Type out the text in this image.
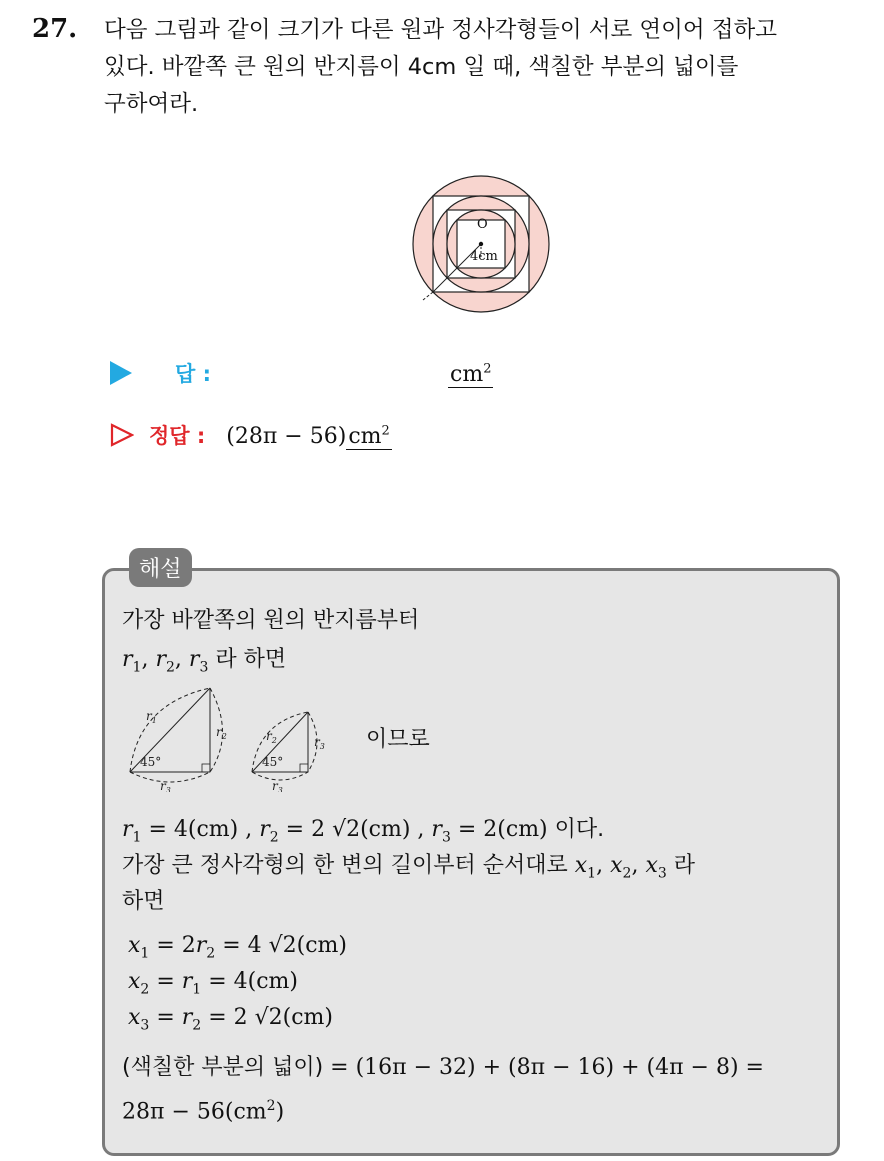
27. 다음 그림과 같이 크기가 다른 원과 정사각형들이 서로 연이어 접하고
있다. 바깥쪽 큰 원의 반지름이 4cm 일 때, 색칠한 부분의 넓이를
구하여라.
O
4cm
답 :	$cm^2$
정답 : $(28\pi - 56)cm^2$
해설
가장 바깥쪽의 원의 반지름부터
$r_1$, $r_2$, $r_3$ 라 하면
45°	45°
$r_1$
$r_2$
$r_3$
$r_2$	$r_3$
$r_3$
이므로
$r_1 = 4(cm)$ , $r_2 = 2$ √2(cm) , $r_3 = 2(cm)$ 이다.
가장 큰 정사각형의 한 변의 길이부터 순서대로 $x_1$, $x_2$, $x_3$ 라
하면
$x_1 = 2r_2 = 4$ √2(cm)
$x_2 = r_1 = 4(cm)$
$x_3 = r_2 = 2$ √2(cm)
(색칠한 부분의 넓이) = (16π − 32) + (8π − 16) + (4π − 8) =
$28\pi - 56(cm^2)$
